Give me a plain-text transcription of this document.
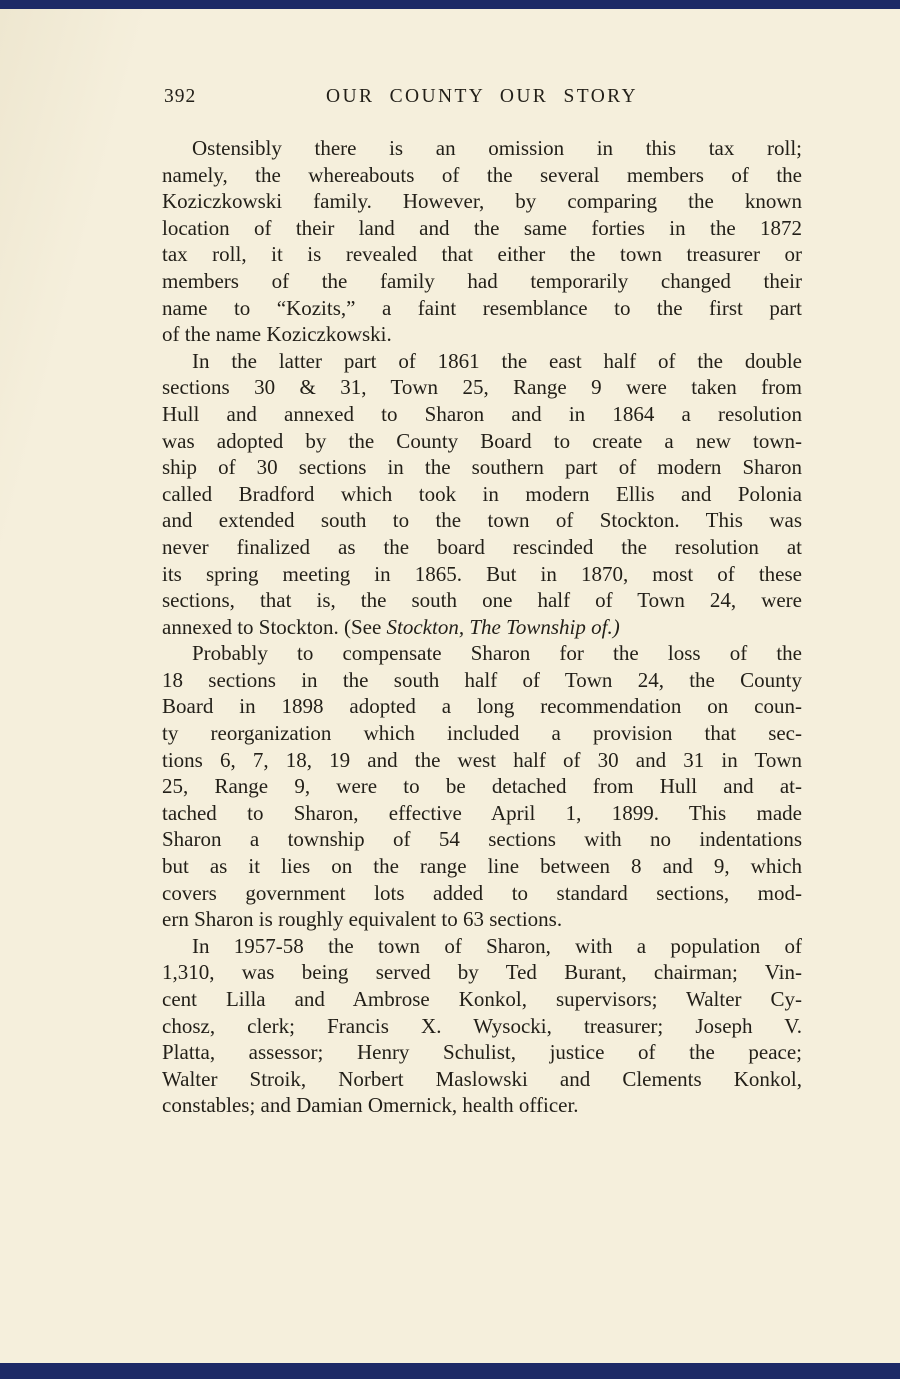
392	OUR COUNTY OUR STORY
Ostensibly there is an omission in this tax roll;
namely, the whereabouts of the several members of the
Koziczkowski family. However, by comparing the known
location of their land and the same forties in the 1872
tax roll, it is revealed that either the town treasurer or
members of the family had temporarily changed their
name to “Kozits,” a faint resemblance to the first part
of the name Koziczkowski.
In the latter part of 1861 the east half of the double
sections 30 & 31, Town 25, Range 9 were taken from
Hull and annexed to Sharon and in 1864 a resolution
was adopted by the County Board to create a new town-
ship of 30 sections in the southern part of modern Sharon
called Bradford which took in modern Ellis and Polonia
and extended south to the town of Stockton. This was
never finalized as the board rescinded the resolution at
its spring meeting in 1865. But in 1870, most of these
sections, that is, the south one half of Town 24, were
annexed to Stockton. (See Stockton, The Township of.)
Probably to compensate Sharon for the loss of the
18 sections in the south half of Town 24, the County
Board in 1898 adopted a long recommendation on coun-
ty reorganization which included a provision that sec-
tions 6, 7, 18, 19 and the west half of 30 and 31 in Town
25, Range 9, were to be detached from Hull and at-
tached to Sharon, effective April 1, 1899. This made
Sharon a township of 54 sections with no indentations
but as it lies on the range line between 8 and 9, which
covers government lots added to standard sections, mod-
ern Sharon is roughly equivalent to 63 sections.
In 1957-58 the town of Sharon, with a population of
1,310, was being served by Ted Burant, chairman; Vin-
cent Lilla and Ambrose Konkol, supervisors; Walter Cy-
chosz, clerk; Francis X. Wysocki, treasurer; Joseph V.
Platta, assessor; Henry Schulist, justice of the peace;
Walter Stroik, Norbert Maslowski and Clements Konkol,
constables; and Damian Omernick, health officer.
